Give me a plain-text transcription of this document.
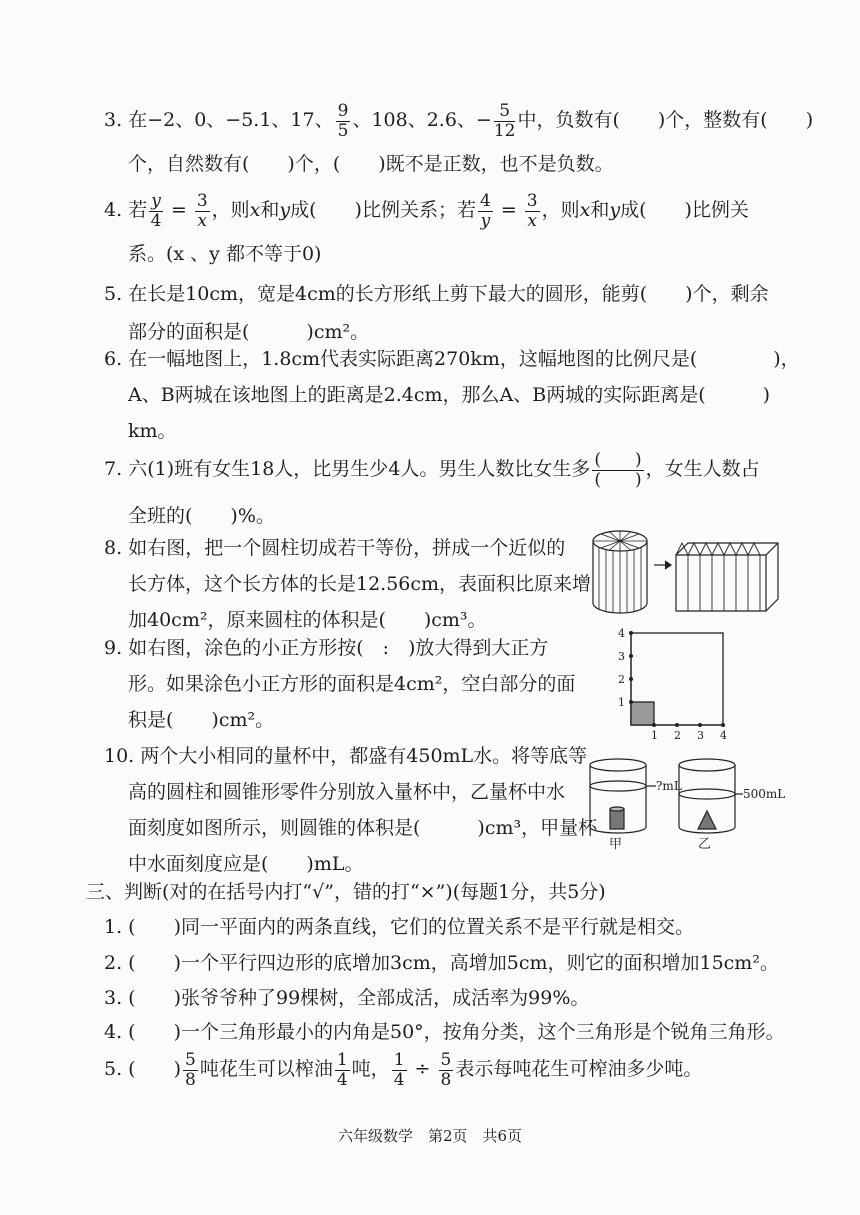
3. 在−2、0、−5.1、17、 $\frac{9}{5}$ 、108、2.6、− $\frac{5}{12}$ 中，负数有(　　)个，整数有(　　)
个，自然数有(　　)个，(　　)既不是正数，也不是负数。
4. 若 $\frac{y}{4} = \frac{3}{x}$ ，则x和y成(　　)比例关系；若 $\frac{4}{y} = \frac{3}{x}$ ，则x和y成(　　)比例关
系。(x 、y 都不等于0)
5. 在长是10cm，宽是4cm的长方形纸上剪下最大的圆形，能剪(　　)个，剩余
部分的面积是(　　　)cm²。
6. 在一幅地图上，1.8cm代表实际距离270km，这幅地图的比例尺是(　　　　)，
A、B两城在该地图上的距离是2.4cm，那么A、B两城的实际距离是(　　　)
km。
7. 六(1)班有女生18人，比男生少4人。男生人数比女生多 $\frac{( )}{( )}$ ，女生人数占
全班的(　　)%。
8. 如右图，把一个圆柱切成若干等份，拼成一个近似的
长方体，这个长方体的长是12.56cm，表面积比原来增
加40cm²，原来圆柱的体积是(　　)cm³。
9. 如右图，涂色的小正方形按(　:　)放大得到大正方
形。如果涂色小正方形的面积是4cm²，空白部分的面
积是(　　)cm²。
1
2
3
4
1 2 3 4
10. 两个大小相同的量杯中，都盛有450mL水。将等底等
高的圆柱和圆锥形零件分别放入量杯中，乙量杯中水
面刻度如图所示，则圆锥的体积是(　　　)cm³，甲量杯
中水面刻度应是(　　)mL。
?mL
500mL
甲	乙
三、判断(对的在括号内打“√”，错的打“×”)(每题1分，共5分)
1. (　　)同一平面内的两条直线，它们的位置关系不是平行就是相交。
2. (　　)一个平行四边形的底增加3cm，高增加5cm，则它的面积增加15cm²。
3. (　　)张爷爷种了99棵树，全部成活，成活率为99%。
4. (　　)一个三角形最小的内角是50°，按角分类，这个三角形是个锐角三角形。
5. (　　) $\frac{5}{8}$ 吨花生可以榨油 $\frac{1}{4}$ 吨， $\frac{1}{4} \div \frac{5}{8}$ 表示每吨花生可榨油多少吨。
六年级数学　第2页　共6页
